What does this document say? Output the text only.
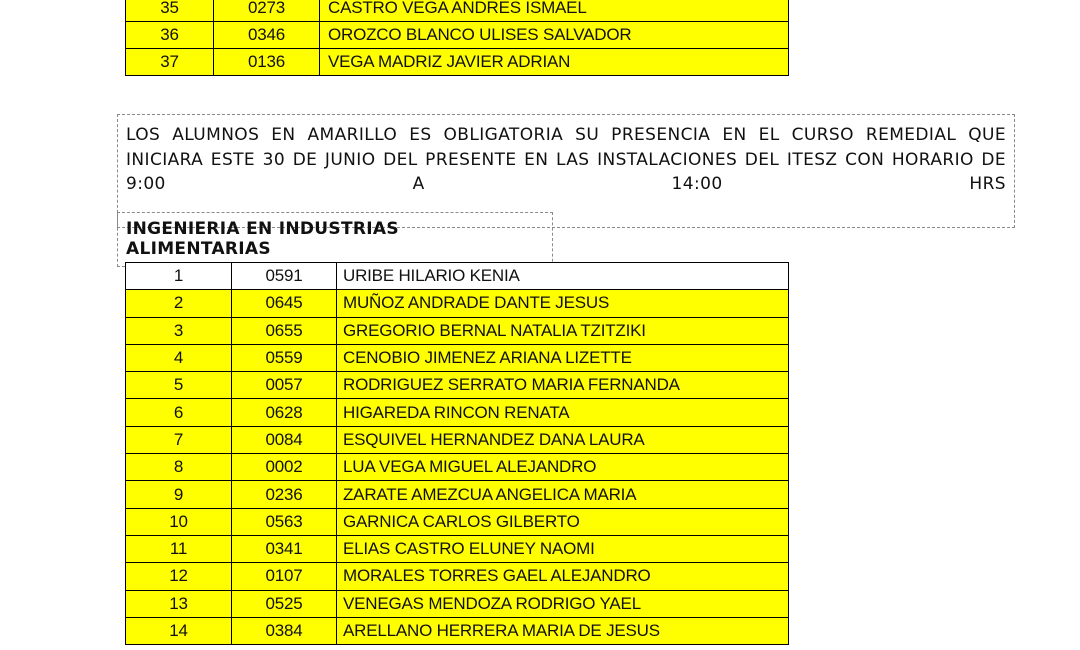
35	0273	CASTRO VEGA ANDRES ISMAEL
36	0346	OROZCO BLANCO ULISES SALVADOR
37	0136	VEGA MADRIZ JAVIER ADRIAN
LOS ALUMNOS EN AMARILLO ES OBLIGATORIA SU PRESENCIA EN EL CURSO REMEDIAL QUE INICIARA ESTE 30 DE JUNIO DEL PRESENTE EN LAS INSTALACIONES DEL ITESZ CON HORARIO DE 9:00 A 14:00 HRS
INGENIERIA EN INDUSTRIAS ALIMENTARIAS
1	0591	URIBE HILARIO KENIA
2	0645	MUÑOZ ANDRADE DANTE JESUS
3	0655	GREGORIO BERNAL NATALIA TZITZIKI
4	0559	CENOBIO JIMENEZ ARIANA LIZETTE
5	0057	RODRIGUEZ SERRATO MARIA FERNANDA
6	0628	HIGAREDA RINCON RENATA
7	0084	ESQUIVEL HERNANDEZ DANA LAURA
8	0002	LUA VEGA MIGUEL ALEJANDRO
9	0236	ZARATE AMEZCUA ANGELICA MARIA
10	0563	GARNICA CARLOS GILBERTO
11	0341	ELIAS CASTRO ELUNEY NAOMI
12	0107	MORALES TORRES GAEL ALEJANDRO
13	0525	VENEGAS MENDOZA RODRIGO YAEL
14	0384	ARELLANO HERRERA MARIA DE JESUS
